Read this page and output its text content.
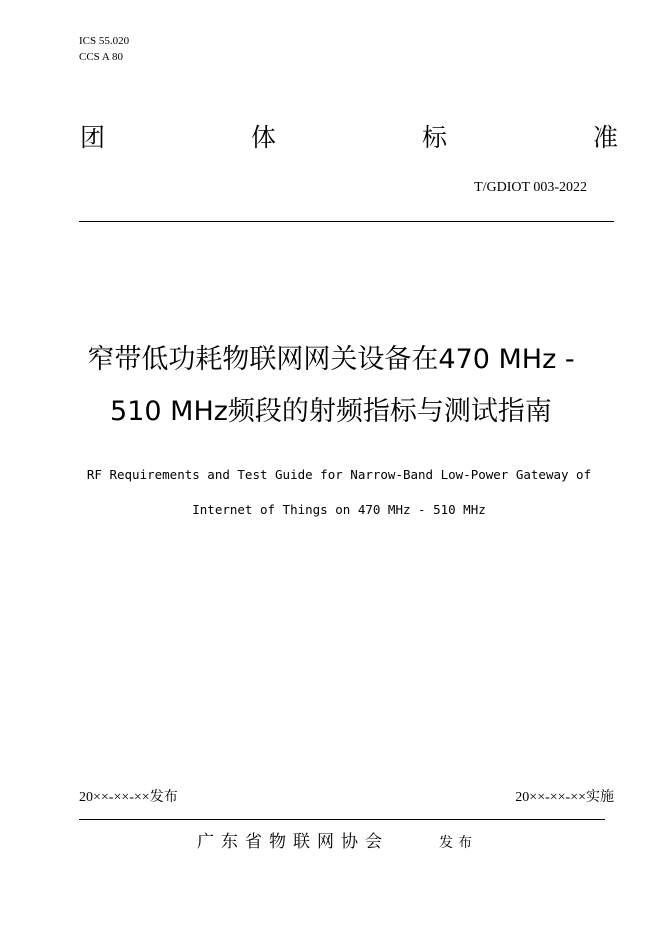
ICS 55.020
CCS A 80
团	体	标	准
T/GDIOT 003-2022
窄带低功耗物联网网关设备在470 MHz -
510 MHz频段的射频指标与测试指南
RF Requirements and Test Guide for Narrow-Band Low-Power Gateway of
Internet of Things on 470 MHz - 510 MHz
20××-××-××发布	20××-××-××实施
广东省物联网协会	发布
